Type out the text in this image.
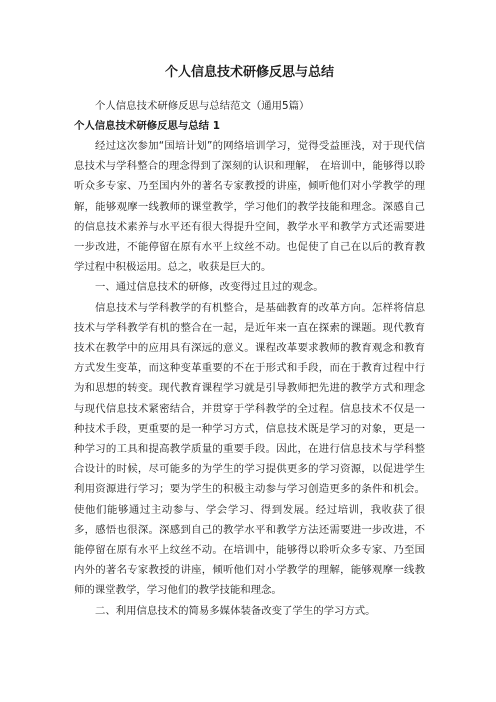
个人信息技术研修反思与总结

个人信息技术研修反思与总结范文（通用5篇）

个人信息技术研修反思与总结 1

经过这次参加“国培计划”的网络培训学习，觉得受益匪浅，对于现代信息技术与学科整合的理念得到了深刻的认识和理解， 在培训中，能够得以聆听众多专家、乃至国内外的著名专家教授的讲座，倾听他们对小学教学的理解，能够观摩一线教师的课堂教学，学习他们的教学技能和理念。深感自己的信息技术素养与水平还有很大得提升空间，教学水平和教学方式还需要进一步改进，不能停留在原有水平上纹丝不动。也促使了自己在以后的教育教学过程中积极运用。总之，收获是巨大的。

一、通过信息技术的研修，改变得过且过的观念。

信息技术与学科教学的有机整合，是基础教育的改革方向。怎样将信息技术与学科教学有机的整合在一起，是近年来一直在探索的课题。现代教育技术在教学中的应用具有深远的意义。课程改革要求教师的教育观念和教育方式发生变革，而这种变革重要的不在于形式和手段，而在于教育过程中行为和思想的转变。现代教育课程学习就是引导教师把先进的教学方式和理念与现代信息技术紧密结合，并贯穿于学科教学的全过程。信息技术不仅是一种技术手段，更重要的是一种学习方式，信息技术既是学习的对象，更是一种学习的工具和提高教学质量的重要手段。因此，在进行信息技术与学科整合设计的时候，尽可能多的为学生的学习提供更多的学习资源，以促进学生利用资源进行学习；要为学生的积极主动参与学习创造更多的条件和机会。使他们能够通过主动参与、学会学习、得到发展。经过培训，我收获了很多，感悟也很深。深感到自己的教学水平和教学方法还需要进一步改进，不能停留在原有水平上纹丝不动。在培训中，能够得以聆听众多专家、乃至国内外的著名专家教授的讲座，倾听他们对小学教学的理解，能够观摩一线教师的课堂教学，学习他们的教学技能和理念。

二、利用信息技术的简易多媒体装备改变了学生的学习方式。
